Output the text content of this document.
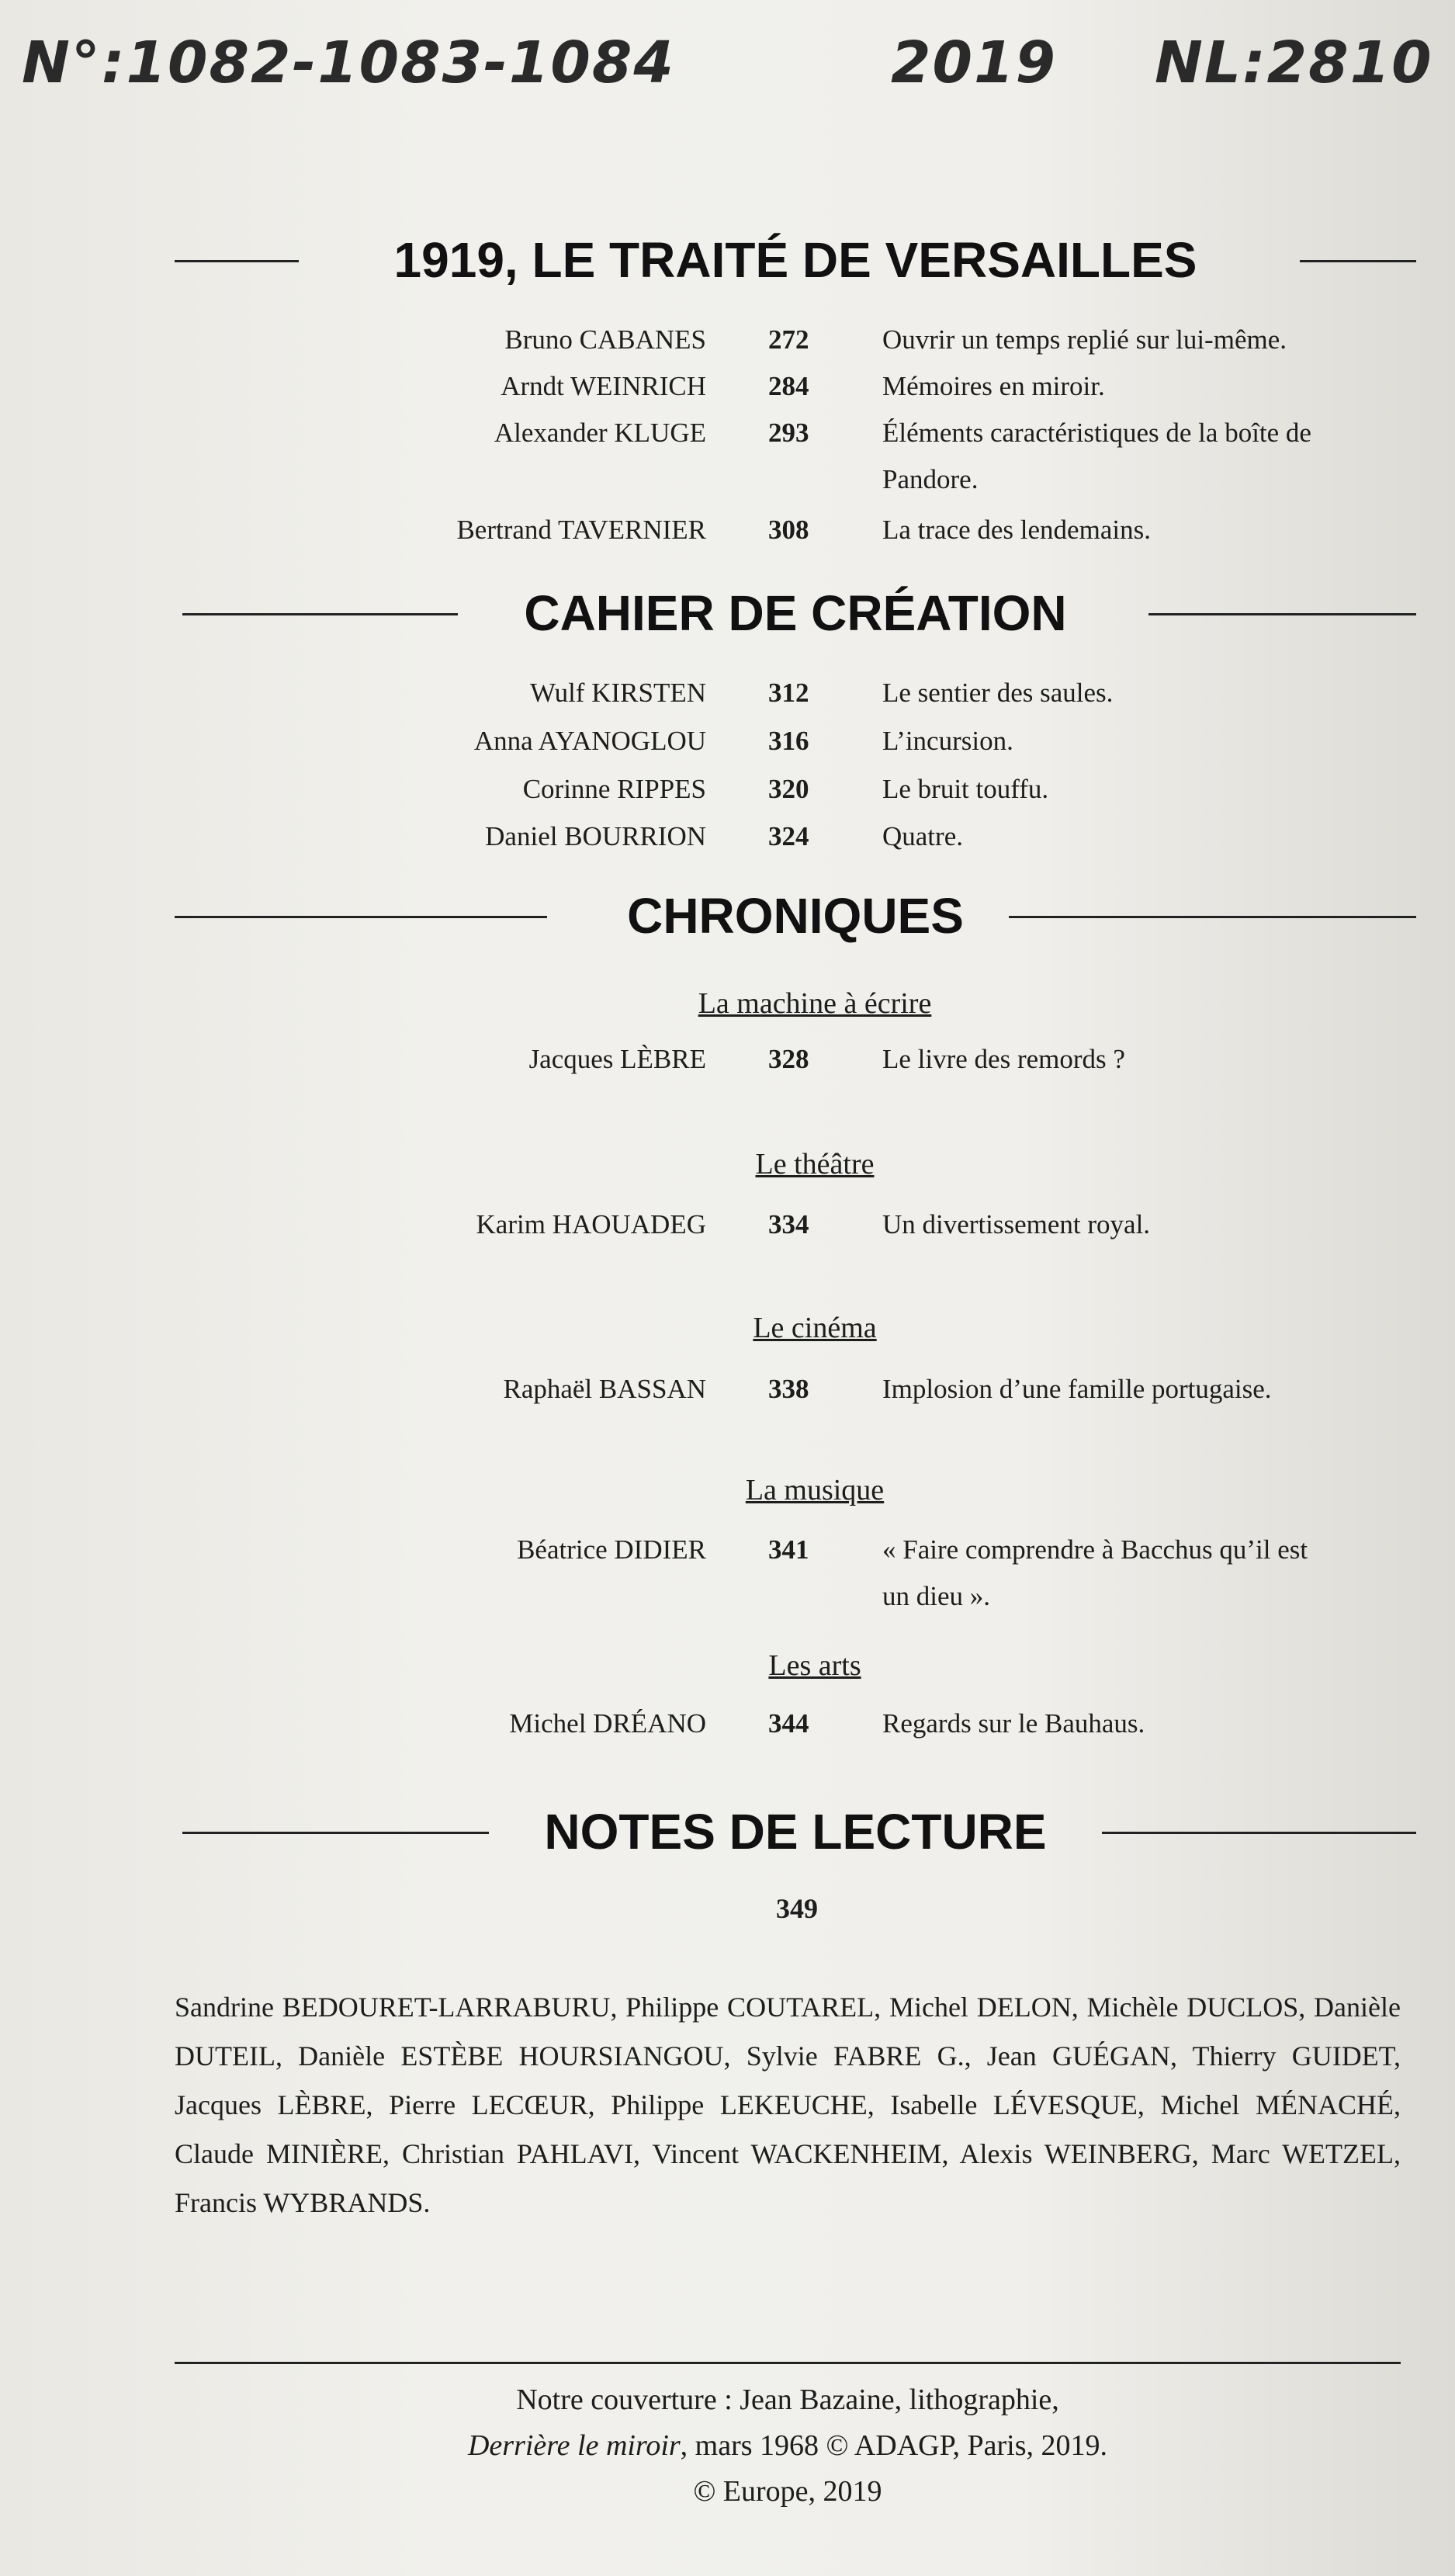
N°:1082-1083-1084	2019 NL:2810
1919, LE TRAITÉ DE VERSAILLES
Bruno CABANES 272	Ouvrir un temps replié sur lui-même.
Arndt WEINRICH 284	Mémoires en miroir.
Alexander KLUGE 293	Éléments caractéristiques de la boîte de Pandore.
Bertrand TAVERNIER 308	La trace des lendemains.
CAHIER DE CRÉATION
Wulf KIRSTEN 312	Le sentier des saules.
Anna AYANOGLOU 316	L’incursion.
Corinne RIPPES 320	Le bruit touffu.
Daniel BOURRION 324	Quatre.
CHRONIQUES
La machine à écrire
Jacques LÈBRE 328	Le livre des remords ?
Le théâtre
Karim HAOUADEG 334	Un divertissement royal.
Le cinéma
Raphaël BASSAN 338	Implosion d’une famille portugaise.
La musique
Béatrice DIDIER 341	« Faire comprendre à Bacchus qu’il est un dieu ».
Les arts
Michel DRÉANO 344	Regards sur le Bauhaus.
NOTES DE LECTURE
349
Sandrine BEDOURET-LARRABURU, Philippe COUTAREL, Michel DELON, Michèle DUCLOS, Danièle DUTEIL, Danièle ESTÈBE HOURSIANGOU, Sylvie FABRE G., Jean GUÉGAN, Thierry GUIDET, Jacques LÈBRE, Pierre LECŒUR, Philippe LEKEUCHE, Isabelle LÉVESQUE, Michel MÉNACHÉ, Claude MINIÈRE, Christian PAHLAVI, Vincent WACKENHEIM, Alexis WEINBERG, Marc WETZEL, Francis WYBRANDS.
Notre couverture : Jean Bazaine, lithographie,
Derrière le miroir, mars 1968 © ADAGP, Paris, 2019.
© Europe, 2019
